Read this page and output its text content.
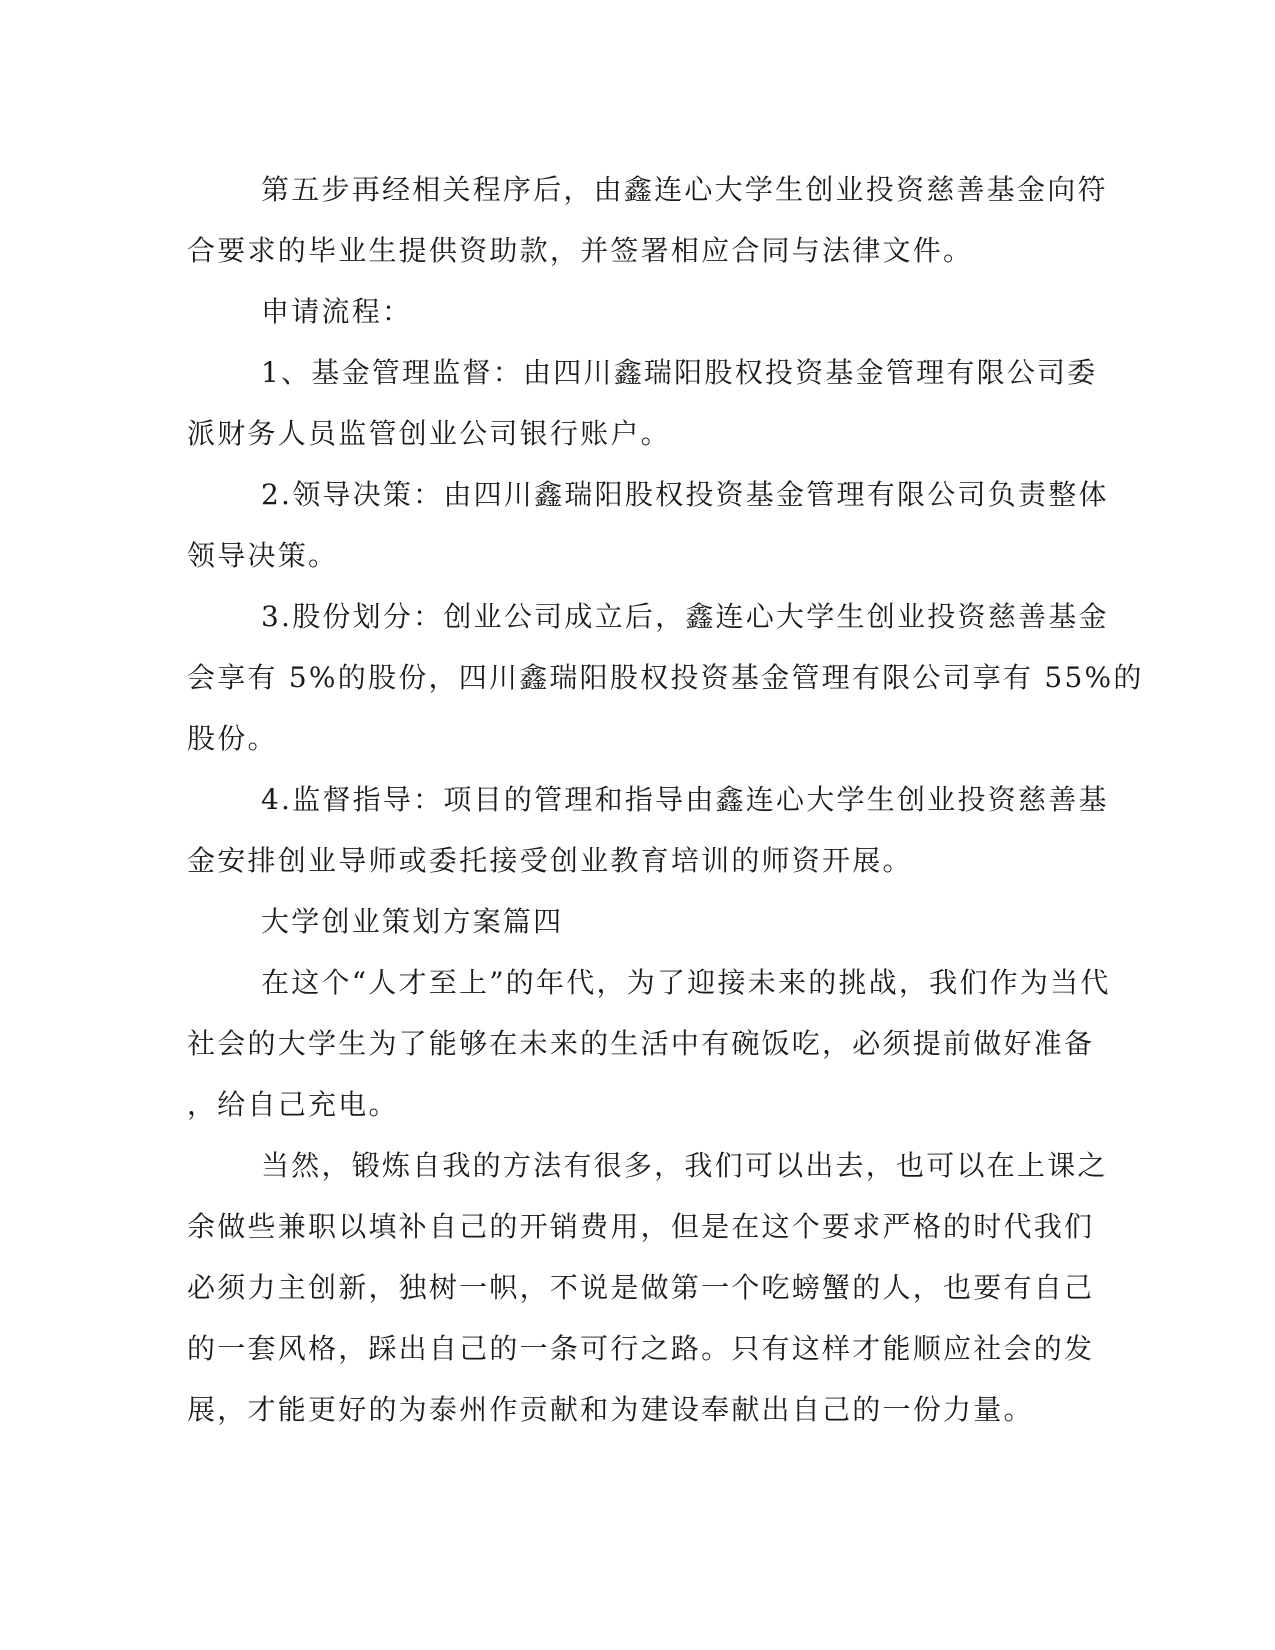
第五步再经相关程序后，由鑫连心大学生创业投资慈善基金向符
合要求的毕业生提供资助款，并签署相应合同与法律文件。
申请流程：
1、基金管理监督：由四川鑫瑞阳股权投资基金管理有限公司委
派财务人员监管创业公司银行账户。
2.领导决策：由四川鑫瑞阳股权投资基金管理有限公司负责整体
领导决策。
3.股份划分：创业公司成立后，鑫连心大学生创业投资慈善基金
会享有 5%的股份，四川鑫瑞阳股权投资基金管理有限公司享有 55%的
股份。
4.监督指导：项目的管理和指导由鑫连心大学生创业投资慈善基
金安排创业导师或委托接受创业教育培训的师资开展。
大学创业策划方案篇四
在这个“人才至上”的年代，为了迎接未来的挑战，我们作为当代
社会的大学生为了能够在未来的生活中有碗饭吃，必须提前做好准备
，给自己充电。
当然，锻炼自我的方法有很多，我们可以出去，也可以在上课之
余做些兼职以填补自己的开销费用，但是在这个要求严格的时代我们
必须力主创新，独树一帜，不说是做第一个吃螃蟹的人，也要有自己
的一套风格，踩出自己的一条可行之路。只有这样才能顺应社会的发
展，才能更好的为泰州作贡献和为建设奉献出自己的一份力量。
